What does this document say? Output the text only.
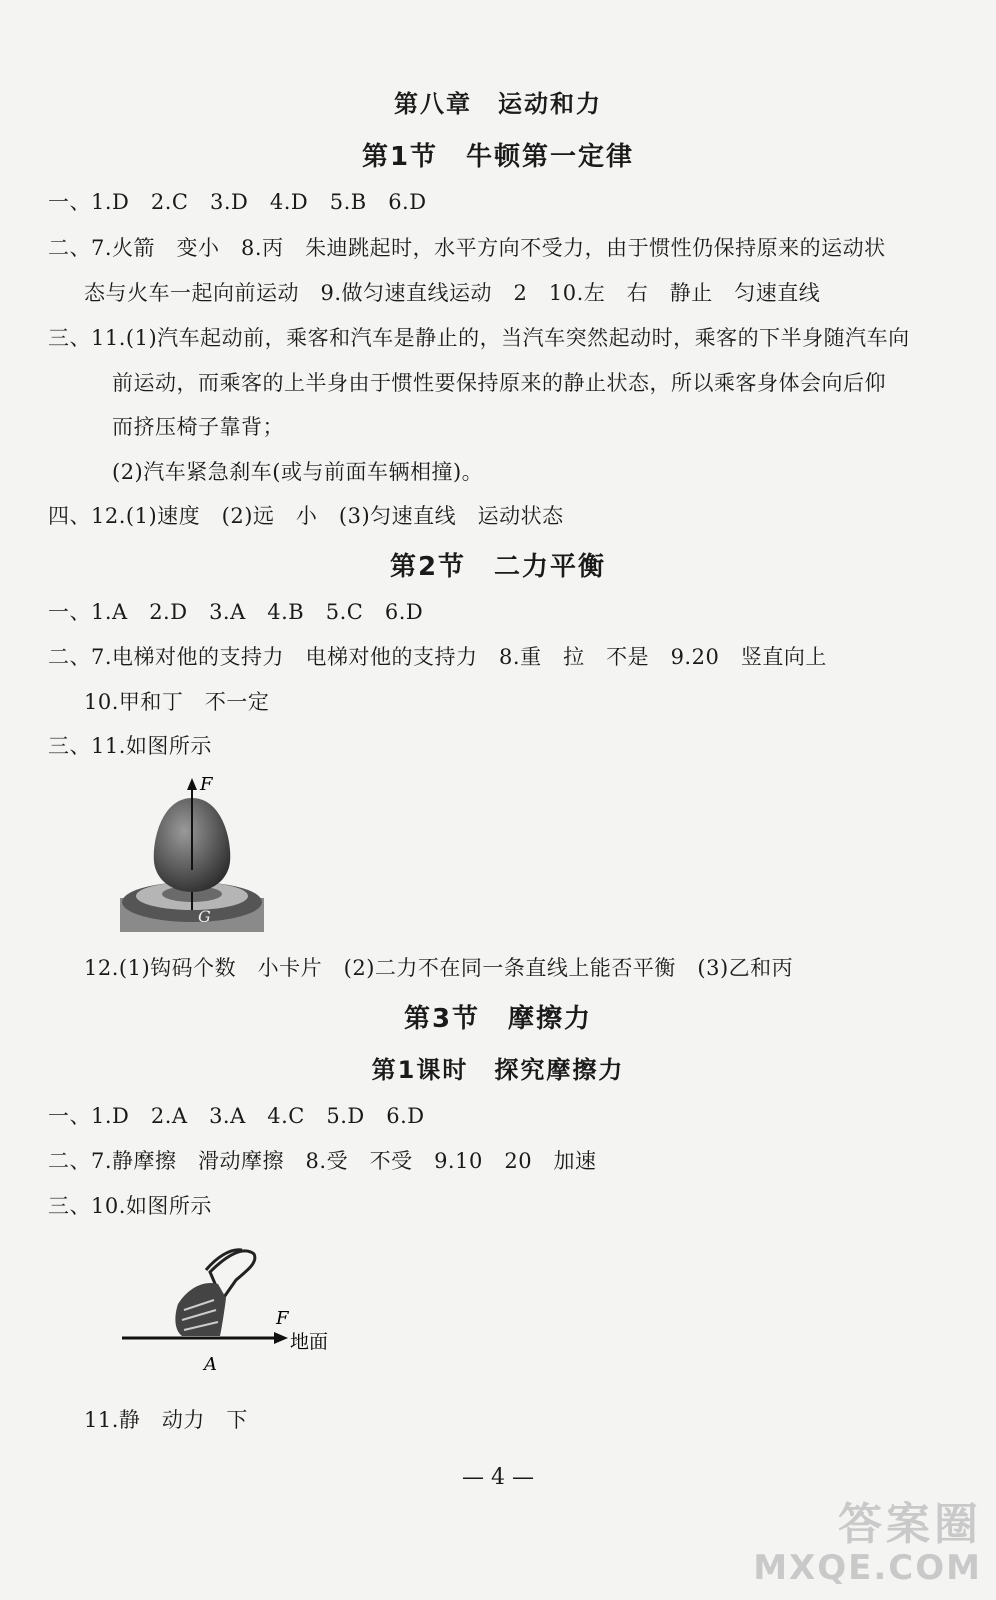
第八章　运动和力
第1节　牛顿第一定律
一、1.D　2.C　3.D　4.D　5.B　6.D
二、7.火箭　变小　8.丙　朱迪跳起时，水平方向不受力，由于惯性仍保持原来的运动状
态与火车一起向前运动　9.做匀速直线运动　2　10.左　右　静止　匀速直线
三、11.(1)汽车起动前，乘客和汽车是静止的，当汽车突然起动时，乘客的下半身随汽车向
前运动，而乘客的上半身由于惯性要保持原来的静止状态，所以乘客身体会向后仰
而挤压椅子靠背；
(2)汽车紧急刹车(或与前面车辆相撞)。
四、12.(1)速度　(2)远　小　(3)匀速直线　运动状态
第2节　二力平衡
一、1.A　2.D　3.A　4.B　5.C　6.D
二、7.电梯对他的支持力　电梯对他的支持力　8.重　拉　不是　9.20　竖直向上
10.甲和丁　不一定
三、11.如图所示
F
G
12.(1)钩码个数　小卡片　(2)二力不在同一条直线上能否平衡　(3)乙和丙
第3节　摩擦力
第1课时　探究摩擦力
一、1.D　2.A　3.A　4.C　5.D　6.D
二、7.静摩擦　滑动摩擦　8.受　不受　9.10　20　加速
三、10.如图所示
F
地面
A
11.静　动力　下
— 4 —
答案圈
MXQE.COM
